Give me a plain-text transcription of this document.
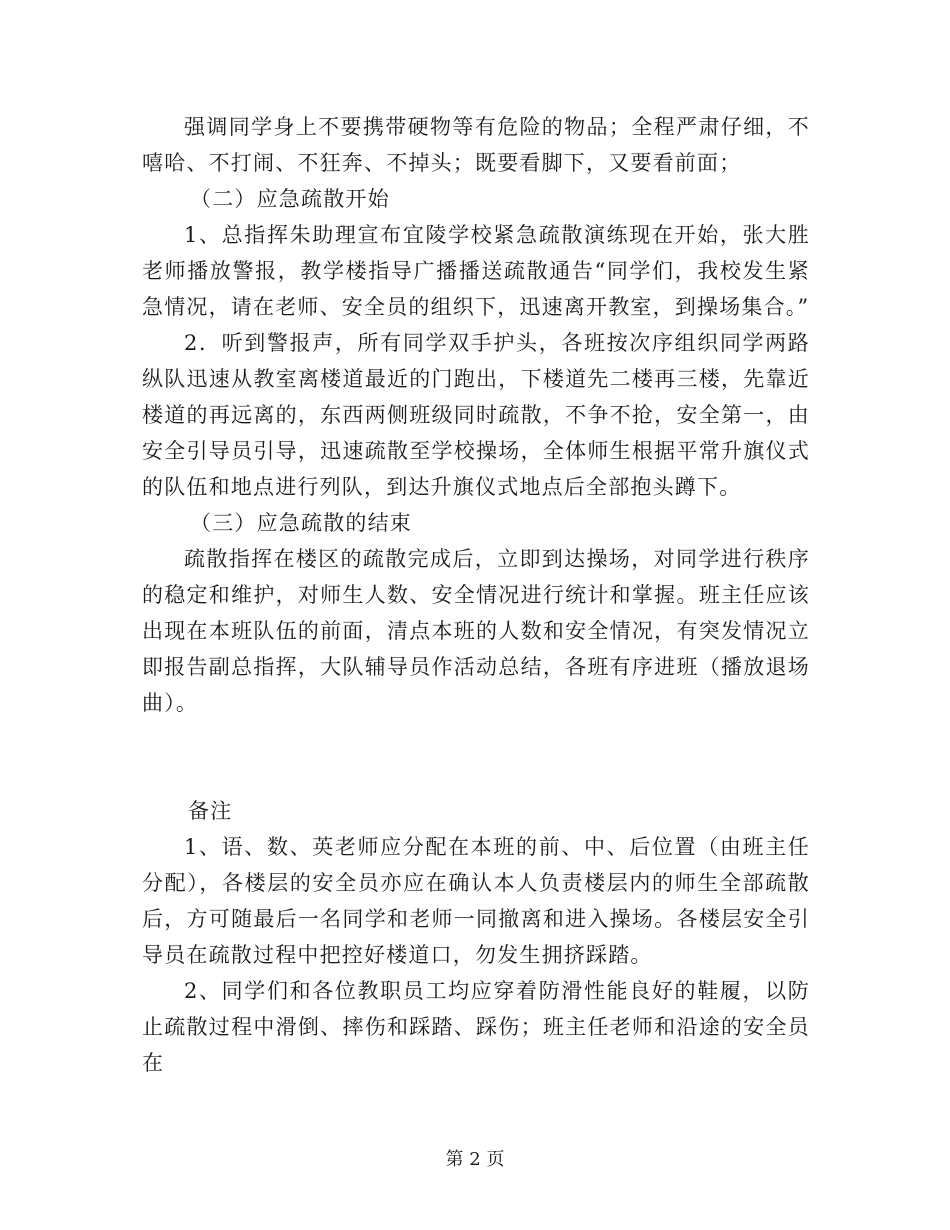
强调同学身上不要携带硬物等有危险的物品；全程严肃仔细，不嘻哈、不打闹、不狂奔、不掉头；既要看脚下，又要看前面；

（二）应急疏散开始

1、总指挥朱助理宣布宜陵学校紧急疏散演练现在开始，张大胜老师播放警报，教学楼指导广播播送疏散通告“同学们，我校发生紧急情况，请在老师、安全员的组织下，迅速离开教室，到操场集合。”

2．听到警报声，所有同学双手护头，各班按次序组织同学两路纵队迅速从教室离楼道最近的门跑出，下楼道先二楼再三楼，先靠近楼道的再远离的，东西两侧班级同时疏散，不争不抢，安全第一，由安全引导员引导，迅速疏散至学校操场，全体师生根据平常升旗仪式的队伍和地点进行列队，到达升旗仪式地点后全部抱头蹲下。

（三）应急疏散的结束

疏散指挥在楼区的疏散完成后，立即到达操场，对同学进行秩序的稳定和维护，对师生人数、安全情况进行统计和掌握。班主任应该出现在本班队伍的前面，清点本班的人数和安全情况，有突发情况立即报告副总指挥，大队辅导员作活动总结，各班有序进班（播放退场曲）。

备注

1、语、数、英老师应分配在本班的前、中、后位置（由班主任分配），各楼层的安全员亦应在确认本人负责楼层内的师生全部疏散后，方可随最后一名同学和老师一同撤离和进入操场。各楼层安全引导员在疏散过程中把控好楼道口，勿发生拥挤踩踏。

2、同学们和各位教职员工均应穿着防滑性能良好的鞋履，以防止疏散过程中滑倒、摔伤和踩踏、踩伤；班主任老师和沿途的安全员在

第 2 页
